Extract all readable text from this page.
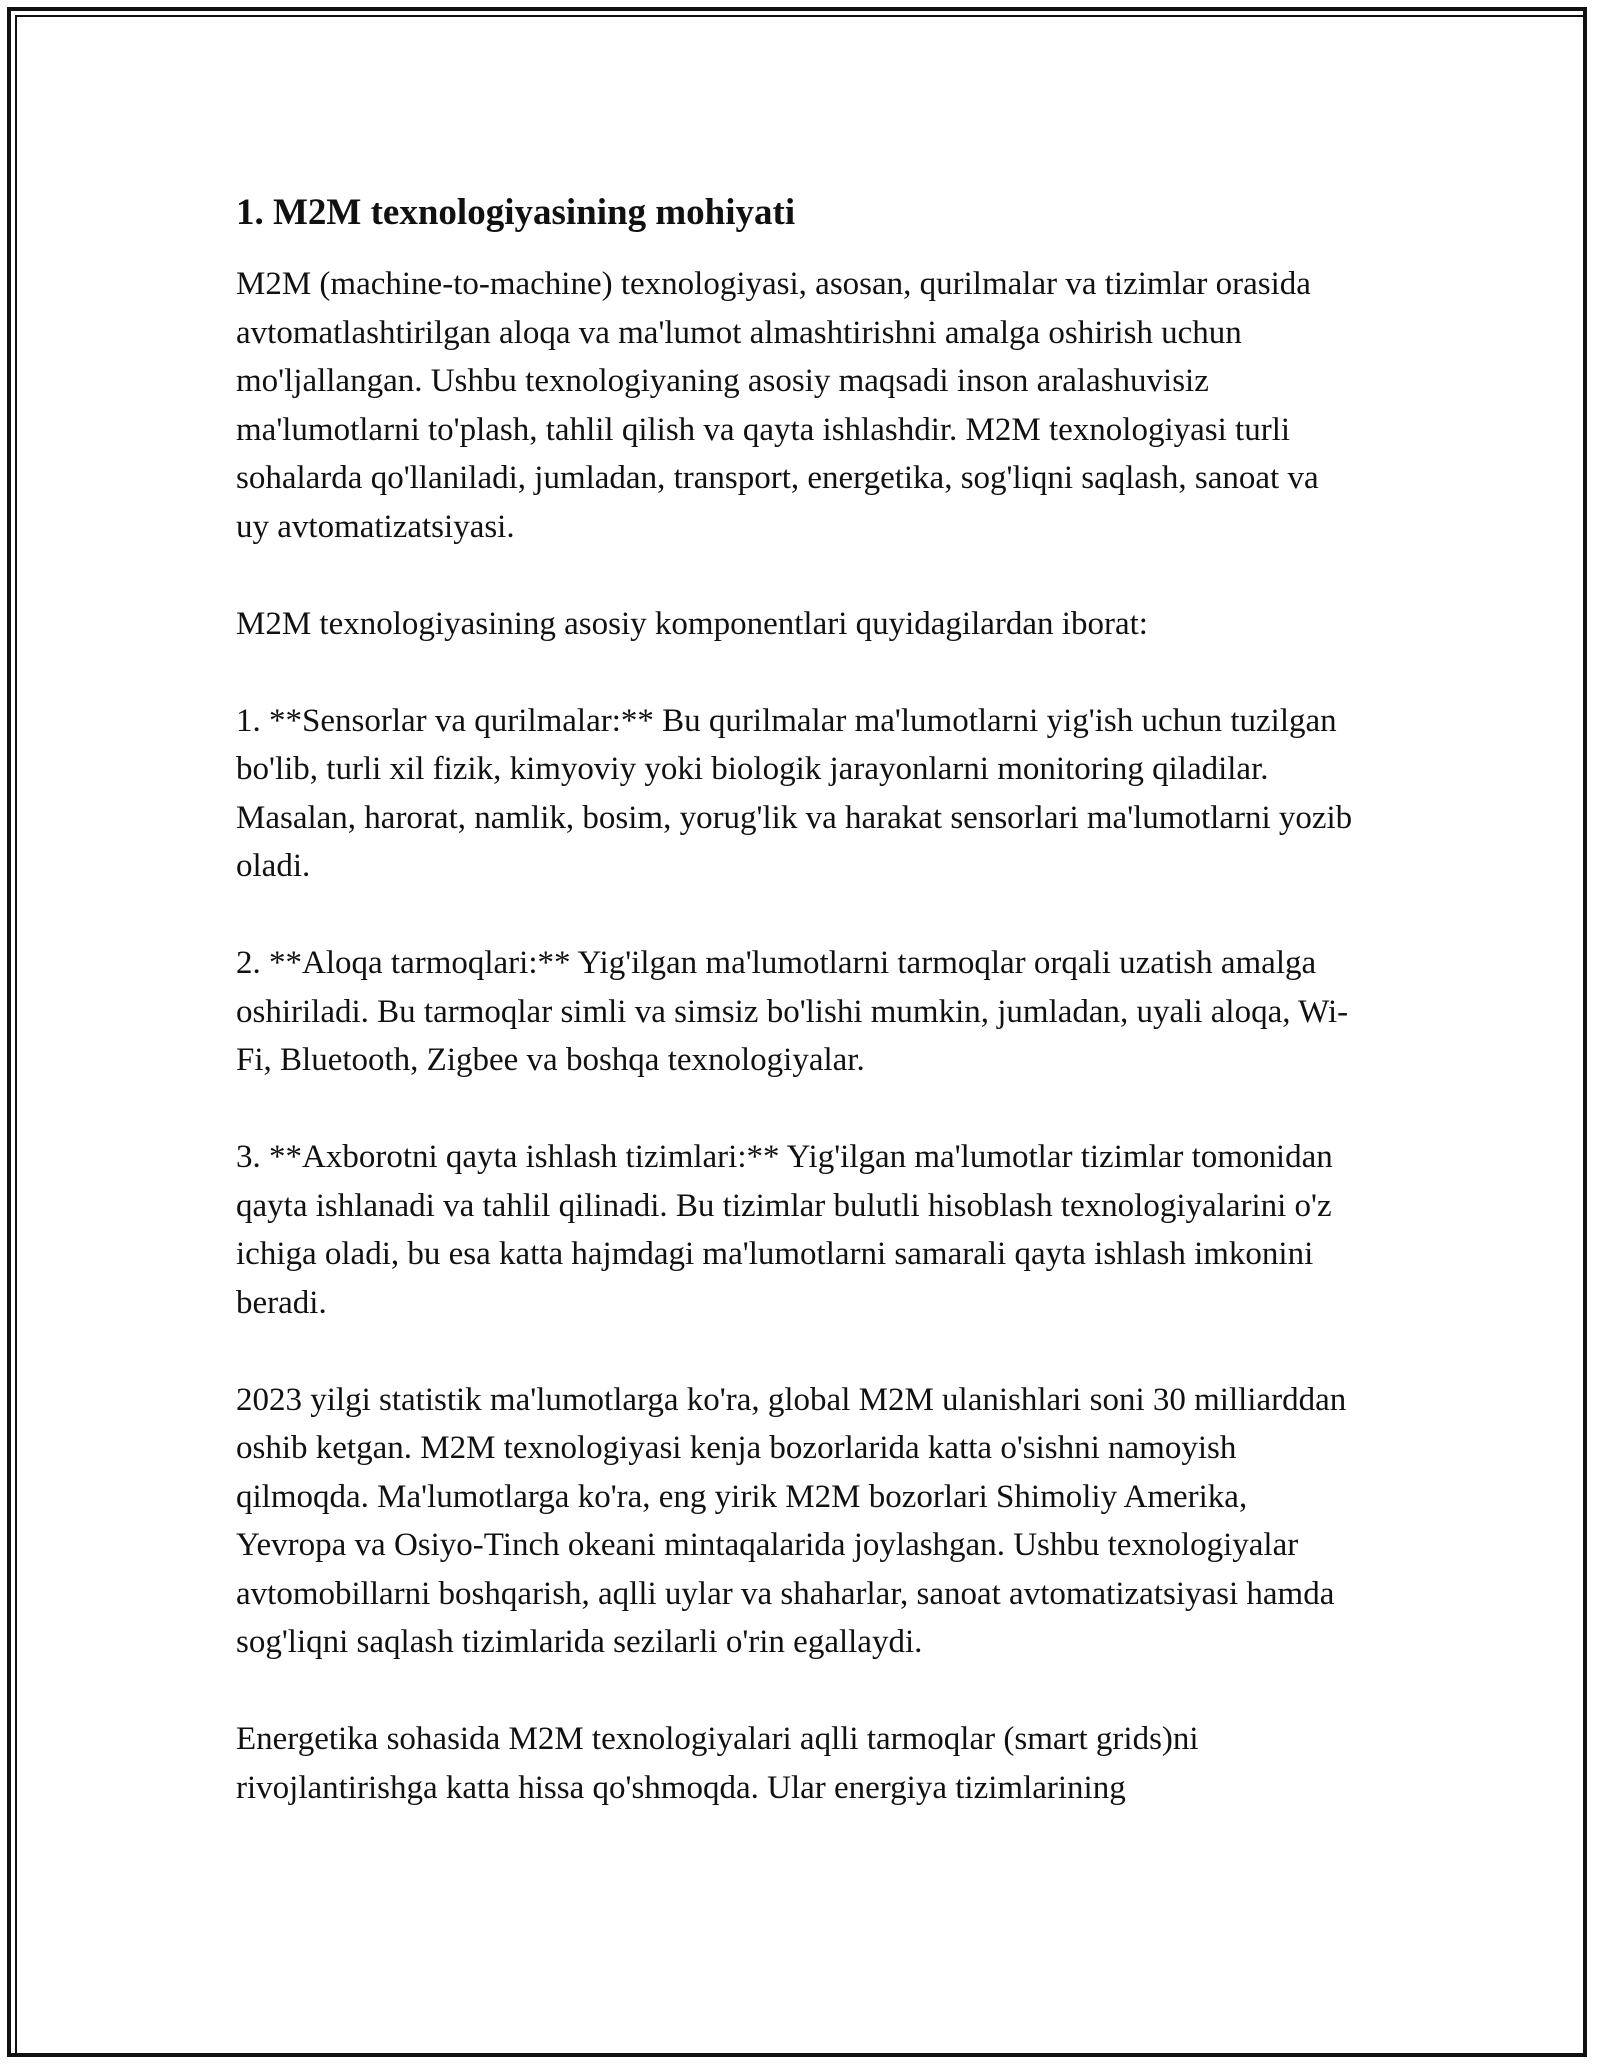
1. M2M texnologiyasining mohiyati

M2M (machine-to-machine) texnologiyasi, asosan, qurilmalar va tizimlar orasida avtomatlashtirilgan aloqa va ma'lumot almashtirishni amalga oshirish uchun mo'ljallangan. Ushbu texnologiyaning asosiy maqsadi inson aralashuvisiz ma'lumotlarni to'plash, tahlil qilish va qayta ishlashdir. M2M texnologiyasi turli sohalarda qo'llaniladi, jumladan, transport, energetika, sog'liqni saqlash, sanoat va uy avtomatizatsiyasi.

M2M texnologiyasining asosiy komponentlari quyidagilardan iborat:

1. **Sensorlar va qurilmalar:** Bu qurilmalar ma'lumotlarni yig'ish uchun tuzilgan bo'lib, turli xil fizik, kimyoviy yoki biologik jarayonlarni monitoring qiladilar. Masalan, harorat, namlik, bosim, yorug'lik va harakat sensorlari ma'lumotlarni yozib oladi.

2. **Aloqa tarmoqlari:** Yig'ilgan ma'lumotlarni tarmoqlar orqali uzatish amalga oshiriladi. Bu tarmoqlar simli va simsiz bo'lishi mumkin, jumladan, uyali aloqa, Wi-Fi, Bluetooth, Zigbee va boshqa texnologiyalar.

3. **Axborotni qayta ishlash tizimlari:** Yig'ilgan ma'lumotlar tizimlar tomonidan qayta ishlanadi va tahlil qilinadi. Bu tizimlar bulutli hisoblash texnologiyalarini o'z ichiga oladi, bu esa katta hajmdagi ma'lumotlarni samarali qayta ishlash imkonini beradi.

2023 yilgi statistik ma'lumotlarga ko'ra, global M2M ulanishlari soni 30 milliarddan oshib ketgan. M2M texnologiyasi kenja bozorlarida katta o'sishni namoyish qilmoqda. Ma'lumotlarga ko'ra, eng yirik M2M bozorlari Shimoliy Amerika, Yevropa va Osiyo-Tinch okeani mintaqalarida joylashgan. Ushbu texnologiyalar avtomobillarni boshqarish, aqlli uylar va shaharlar, sanoat avtomatizatsiyasi hamda sog'liqni saqlash tizimlarida sezilarli o'rin egallaydi.

Energetika sohasida M2M texnologiyalari aqlli tarmoqlar (smart grids)ni rivojlantirishga katta hissa qo'shmoqda. Ular energiya tizimlarining
